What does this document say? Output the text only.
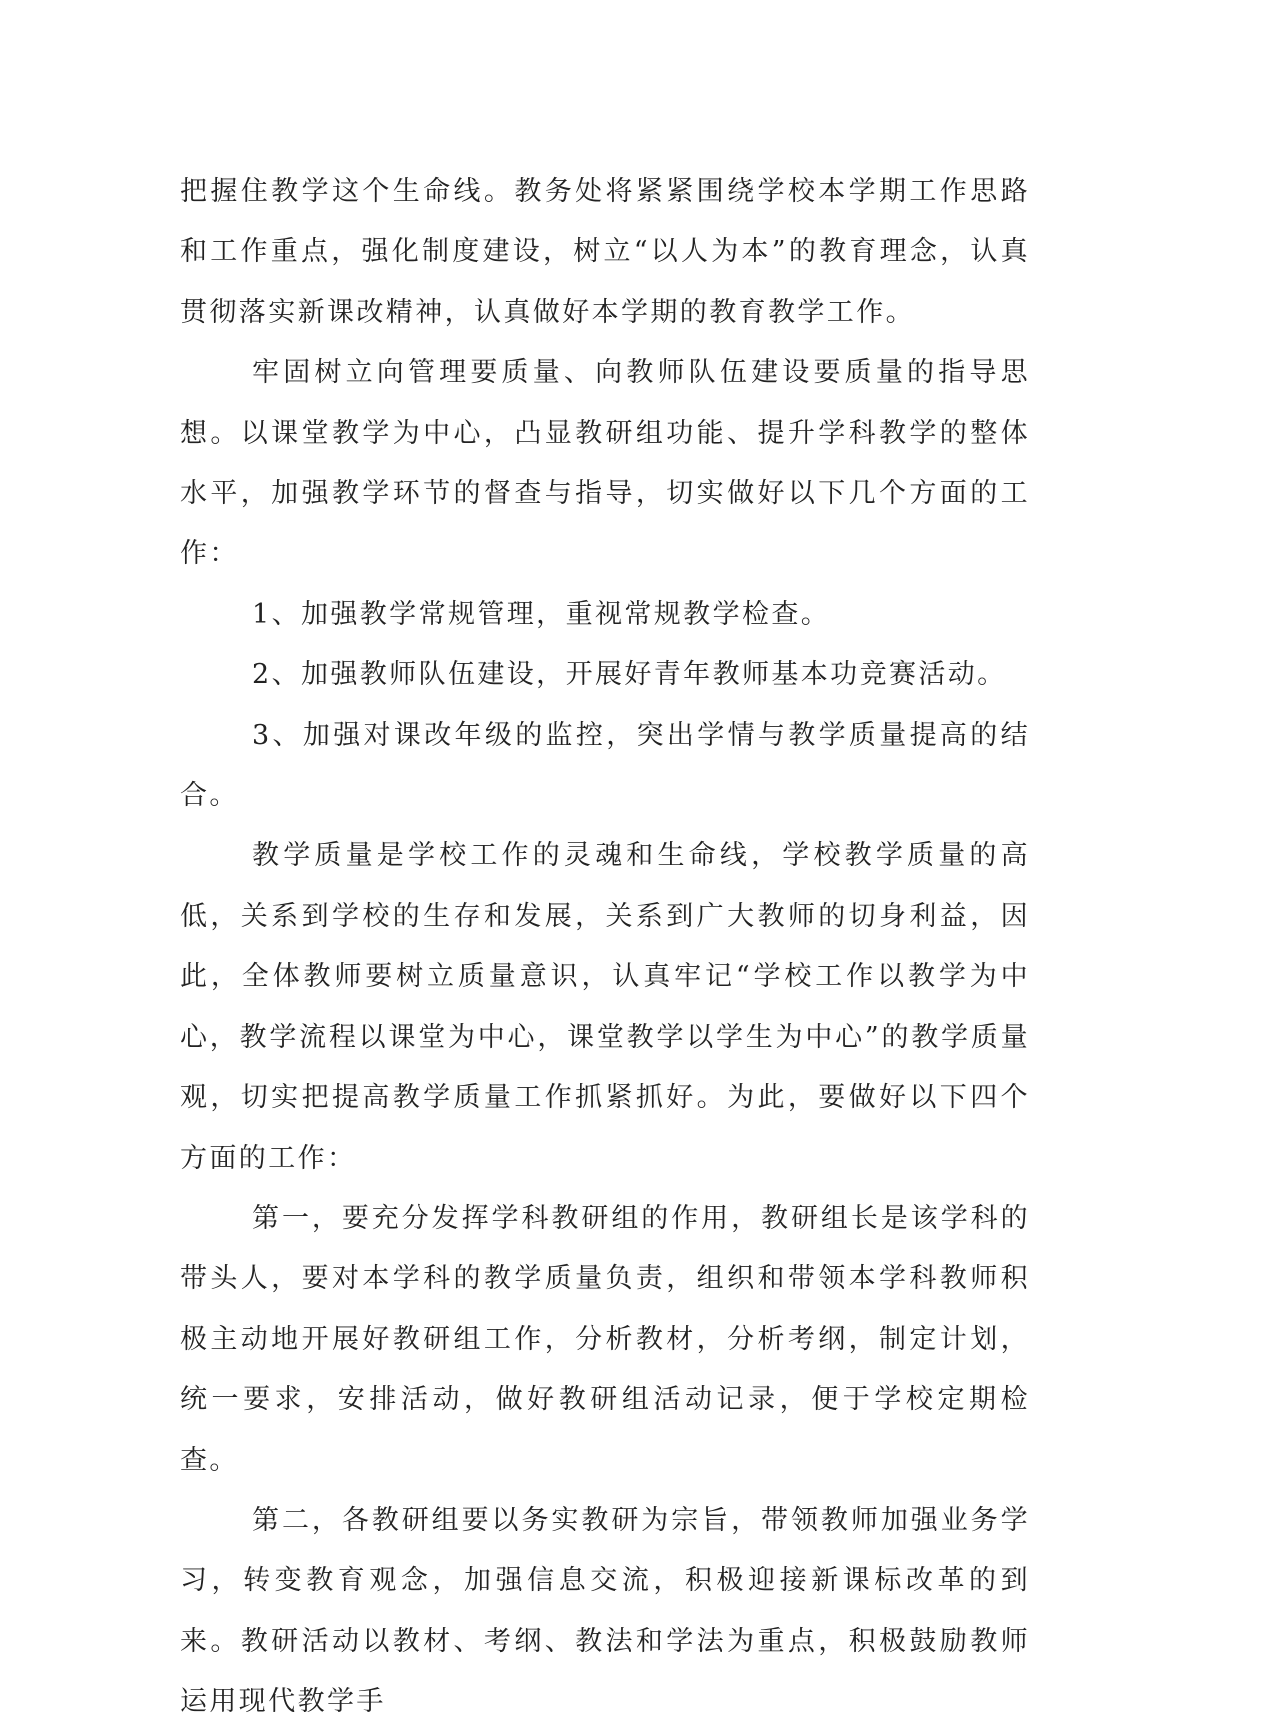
把握住教学这个生命线。教务处将紧紧围绕学校本学期工作思路和工作重点，强化制度建设，树立“以人为本”的教育理念，认真贯彻落实新课改精神，认真做好本学期的教育教学工作。

牢固树立向管理要质量、向教师队伍建设要质量的指导思想。以课堂教学为中心，凸显教研组功能、提升学科教学的整体水平，加强教学环节的督查与指导，切实做好以下几个方面的工作：

1、加强教学常规管理，重视常规教学检查。

2、加强教师队伍建设，开展好青年教师基本功竞赛活动。

3、加强对课改年级的监控，突出学情与教学质量提高的结合。

教学质量是学校工作的灵魂和生命线，学校教学质量的高低，关系到学校的生存和发展，关系到广大教师的切身利益，因此，全体教师要树立质量意识，认真牢记“学校工作以教学为中心，教学流程以课堂为中心，课堂教学以学生为中心”的教学质量观，切实把提高教学质量工作抓紧抓好。为此，要做好以下四个方面的工作：

第一，要充分发挥学科教研组的作用，教研组长是该学科的带头人，要对本学科的教学质量负责，组织和带领本学科教师积极主动地开展好教研组工作，分析教材，分析考纲，制定计划，统一要求，安排活动，做好教研组活动记录，便于学校定期检查。

第二，各教研组要以务实教研为宗旨，带领教师加强业务学习，转变教育观念，加强信息交流，积极迎接新课标改革的到来。教研活动以教材、考纲、教法和学法为重点，积极鼓励教师运用现代教学手
